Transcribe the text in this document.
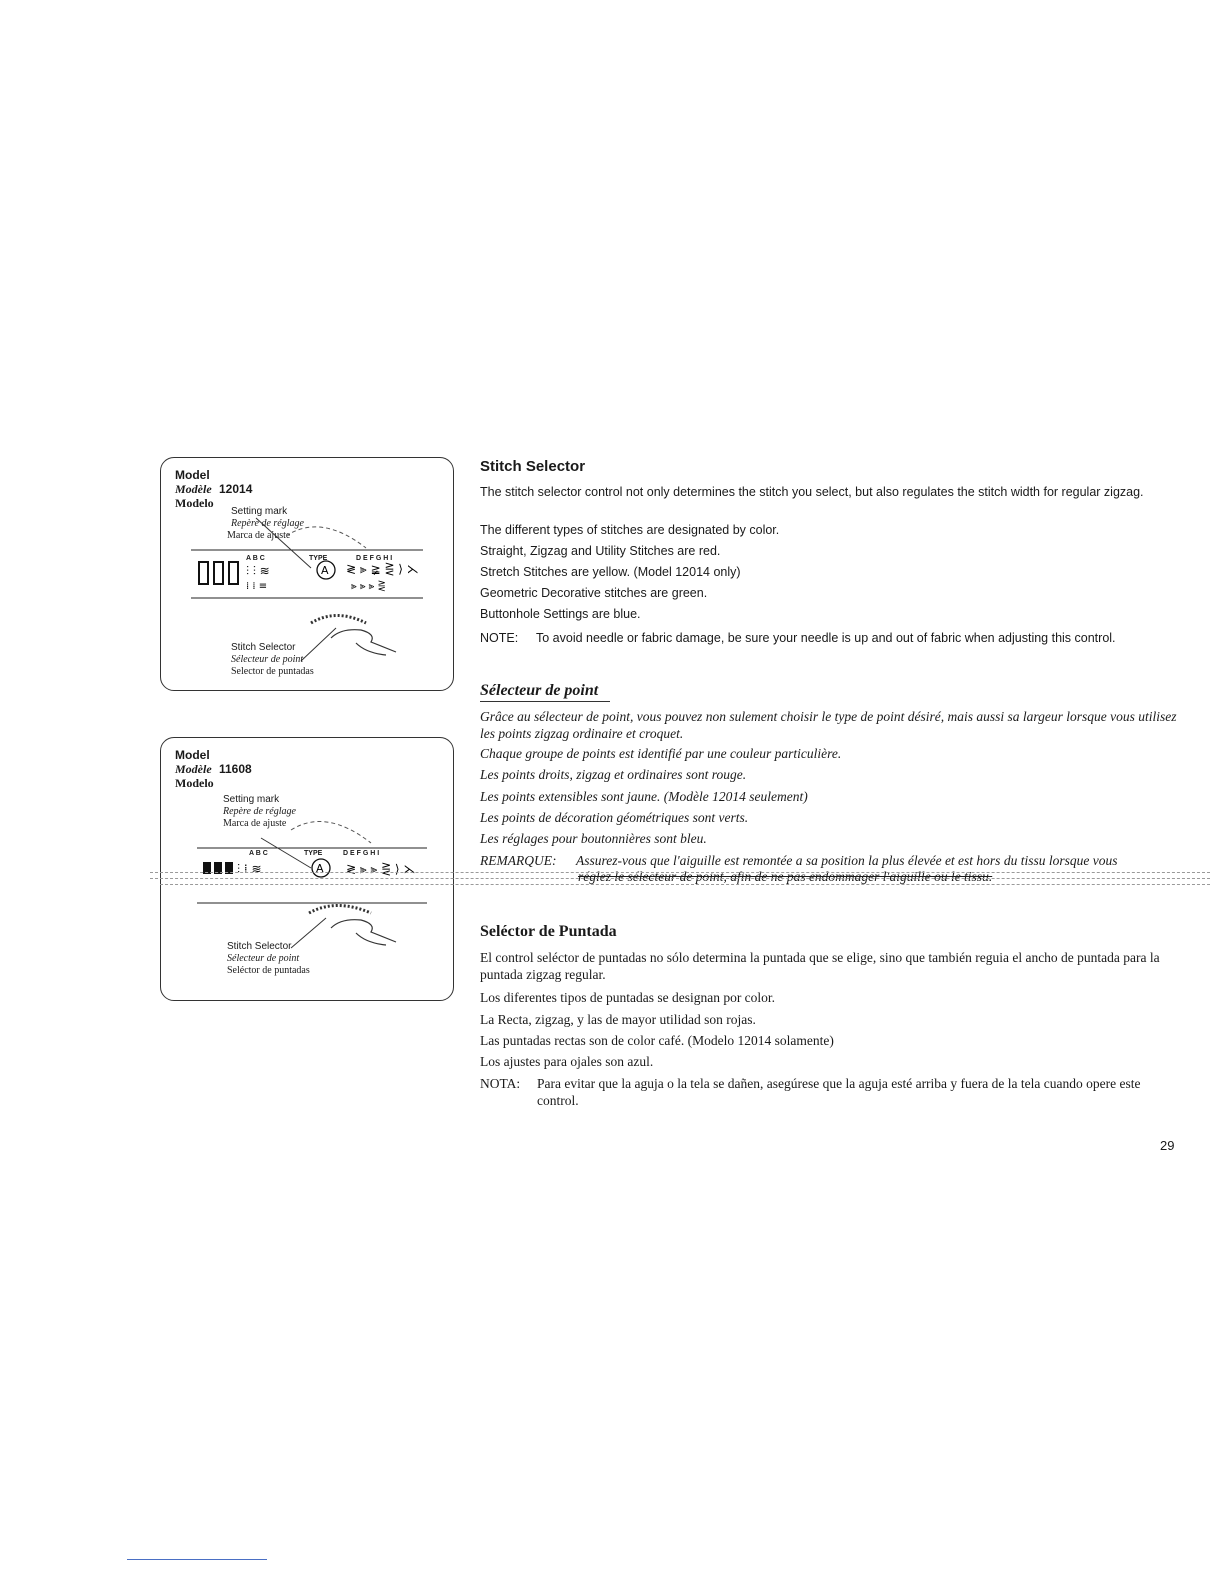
Model
Modèle 12014
Modelo
Setting mark
Repère de réglage
Marca de ajuste
⫶ ⫶ ≋
⁞ ⁞ ≡
A ≷ ⫸ ≩ ⋛ ⟩ ⋋
⫸ ⫸ ⫸ ⋛
A B C	TYPE	D E F G H I
Stitch Selector
Sélecteur de point
Selector de puntadas
Model
Modèle 11608
Modelo
Setting mark
Repère de réglage
Marca de ajuste
⫶ ⁞ ≋	A ≷ ⫸ ⫸ ⋛ ⟩ ⋋
A B C	TYPE	D E F G H I
Stitch Selector
Sélecteur de point
Seléctor de puntadas
Stitch Selector

The stitch selector control not only determines the stitch you select, but also regulates the stitch width for regular zigzag.

The different types of stitches are designated by color.

Straight, Zigzag and Utility Stitches are red.

Stretch Stitches are yellow. (Model 12014 only)

Geometric Decorative stitches are green.

Buttonhole Settings are blue.

NOTE: To avoid needle or fabric damage, be sure your needle is up and out of fabric when adjusting this control.

Sélecteur de point

Grâce au sélecteur de point, vous pouvez non sulement choisir le type de point désiré, mais aussi sa largeur lorsque vous utilisez les points zigzag ordinaire et croquet.

Chaque groupe de points est identifié par une couleur particulière.

Les points droits, zigzag et ordinaires sont rouge.

Les points extensibles sont jaune. (Modèle 12014 seulement)

Les points de décoration géométriques sont verts.

Les réglages pour boutonnières sont bleu.

REMARQUE: Assurez-vous que l'aiguille est remontée a sa position la plus élevée et est hors du tissu lorsque vous

réglez le sélecteur de point, afin de ne pas endommager l'aiguille ou le tissu.

Seléctor de Puntada

El control seléctor de puntadas no sólo determina la puntada que se elige, sino que también reguia el ancho de puntada para la puntada zigzag regular.

Los diferentes tipos de puntadas se designan por color.

La Recta, zigzag, y las de mayor utilidad son rojas.

Las puntadas rectas son de color café. (Modelo 12014 solamente)

Los ajustes para ojales son azul.

NOTA:	Para evitar que la aguja o la tela se dañen, asegúrese que la aguja esté arriba y fuera de la tela cuando opere este control.

29
